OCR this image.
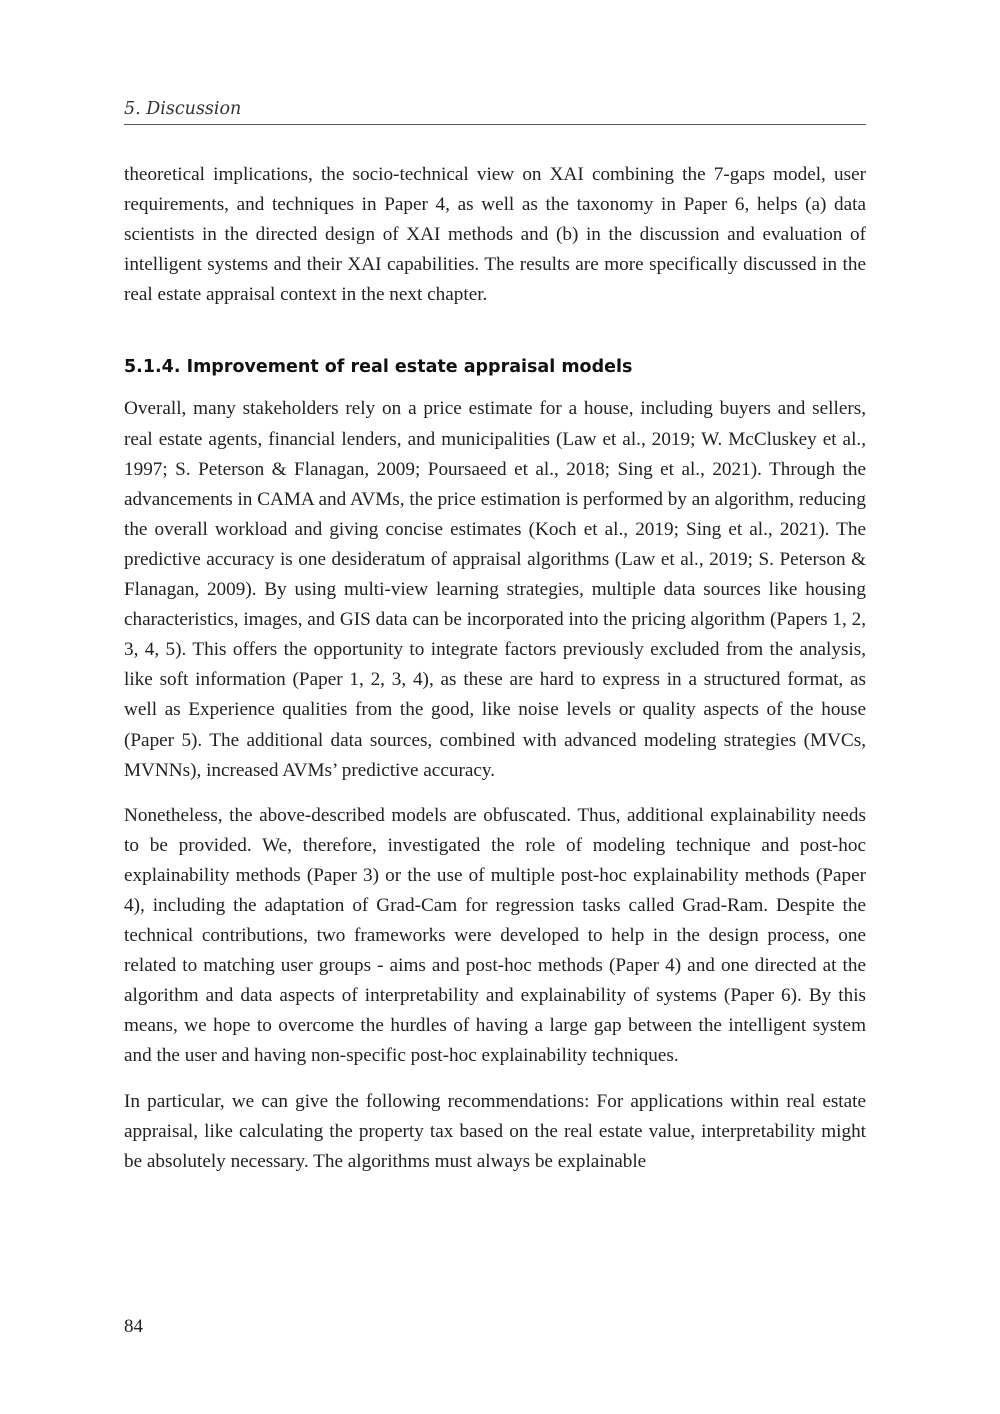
5. Discussion

theoretical implications, the socio-technical view on XAI combining the 7-gaps model, user requirements, and techniques in Paper 4, as well as the taxonomy in Paper 6, helps (a) data scientists in the directed design of XAI methods and (b) in the discussion and evaluation of intelligent systems and their XAI capabilities. The results are more specifically discussed in the real estate appraisal context in the next chapter.

5.1.4. Improvement of real estate appraisal models

Overall, many stakeholders rely on a price estimate for a house, including buyers and sellers, real estate agents, financial lenders, and municipalities (Law et al., 2019; W. McCluskey et al., 1997; S. Peterson & Flanagan, 2009; Poursaeed et al., 2018; Sing et al., 2021). Through the advancements in CAMA and AVMs, the price estimation is performed by an algorithm, reducing the overall workload and giving concise estimates (Koch et al., 2019; Sing et al., 2021). The predictive accuracy is one desideratum of appraisal algorithms (Law et al., 2019; S. Peterson & Flanagan, 2009). By using multi-view learning strategies, multiple data sources like housing characteristics, images, and GIS data can be incorporated into the pricing algorithm (Papers 1, 2, 3, 4, 5). This offers the opportunity to integrate factors previously excluded from the analysis, like soft information (Paper 1, 2, 3, 4), as these are hard to express in a structured format, as well as Experience qualities from the good, like noise levels or quality aspects of the house (Paper 5). The additional data sources, combined with advanced modeling strategies (MVCs, MVNNs), increased AVMs’ predictive accuracy.

Nonetheless, the above-described models are obfuscated. Thus, additional explainability needs to be provided. We, therefore, investigated the role of modeling technique and post-hoc explainability methods (Paper 3) or the use of multiple post-hoc explainability methods (Paper 4), including the adaptation of Grad-Cam for regression tasks called Grad-Ram. Despite the technical contributions, two frameworks were developed to help in the design process, one related to matching user groups - aims and post-hoc methods (Paper 4) and one directed at the algorithm and data aspects of interpretability and explainability of systems (Paper 6). By this means, we hope to overcome the hurdles of having a large gap between the intelligent system and the user and having non-specific post-hoc explainability techniques.

In particular, we can give the following recommendations: For applications within real estate appraisal, like calculating the property tax based on the real estate value, interpretability might be absolutely necessary. The algorithms must always be explainable

84
